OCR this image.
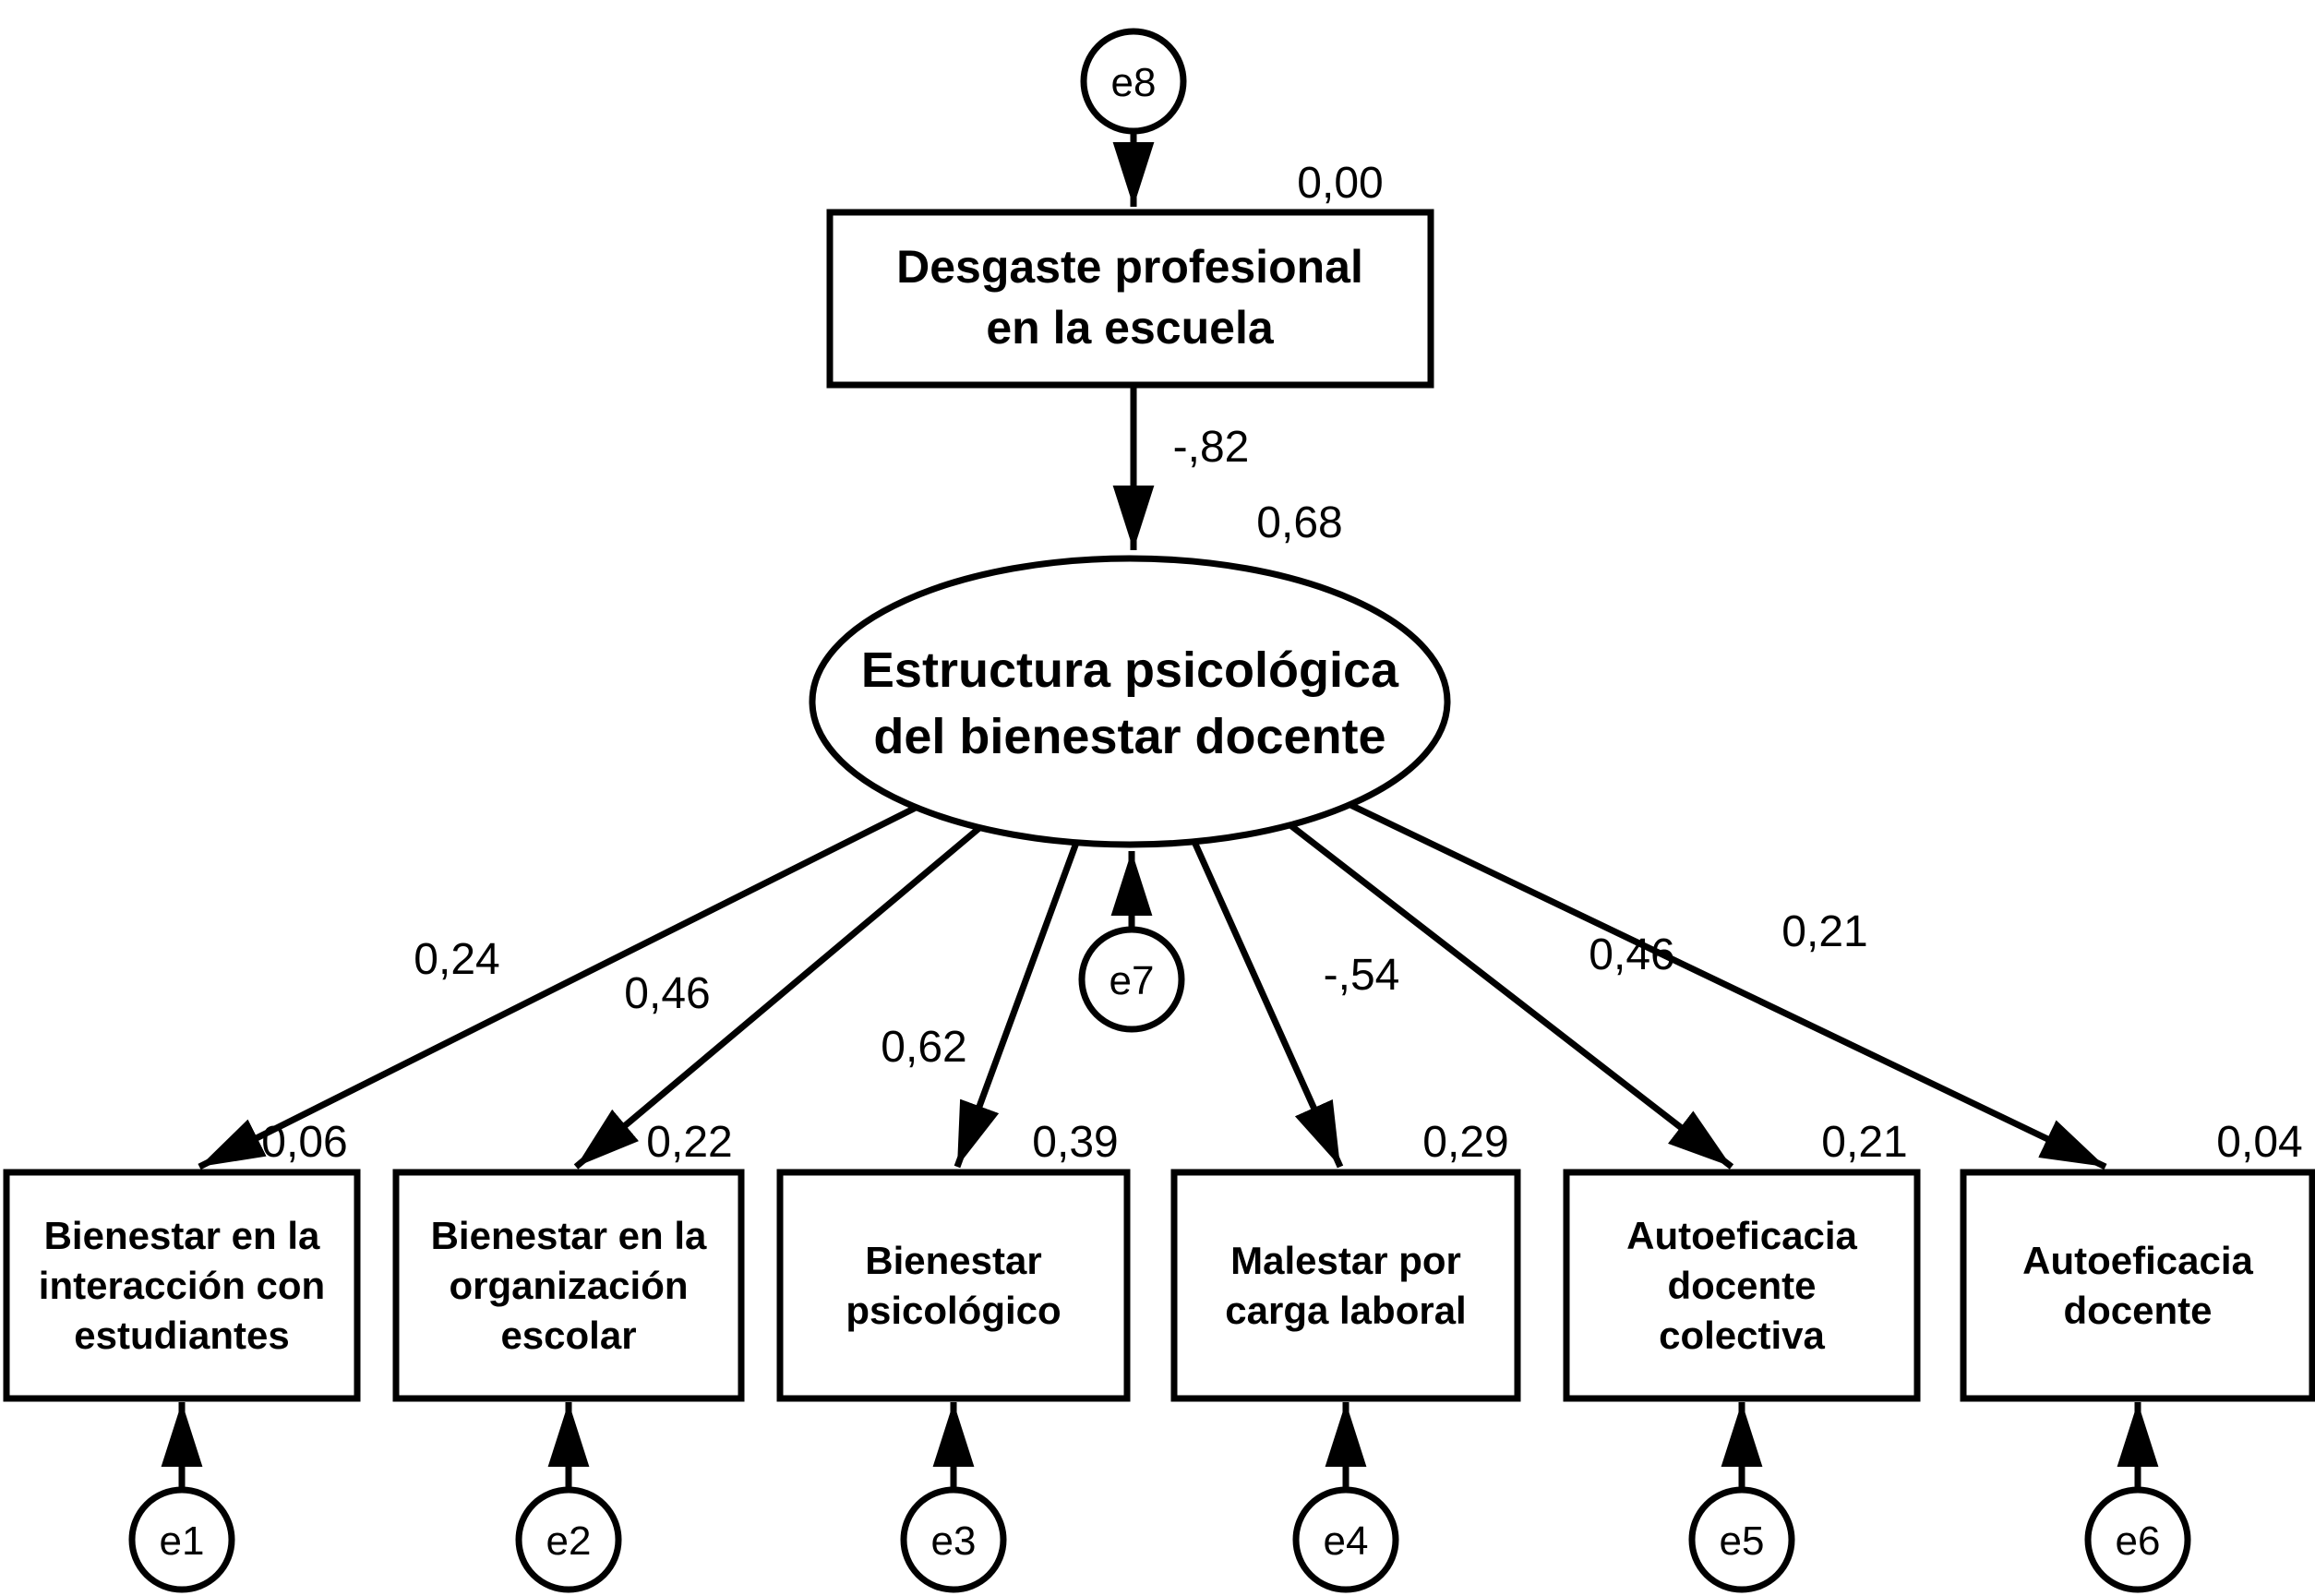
e8
0,00
Desgaste profesional
en la escuela
-,82
0,68
Estructura psicológica
del bienestar docente
e7
0,24
0,46
0,62
-,54	0,46 0,21
0,06	0,22	0,39	0,29	0,21	0,04
Bienestar en la
interacción con
estudiantes
Bienestar en la
organización
escolar
Bienestar
psicológico
Malestar por
carga laboral
Autoeficacia
docente
colectiva
Autoeficacia
docente
e1	e2	e3	e4	e5	e6
